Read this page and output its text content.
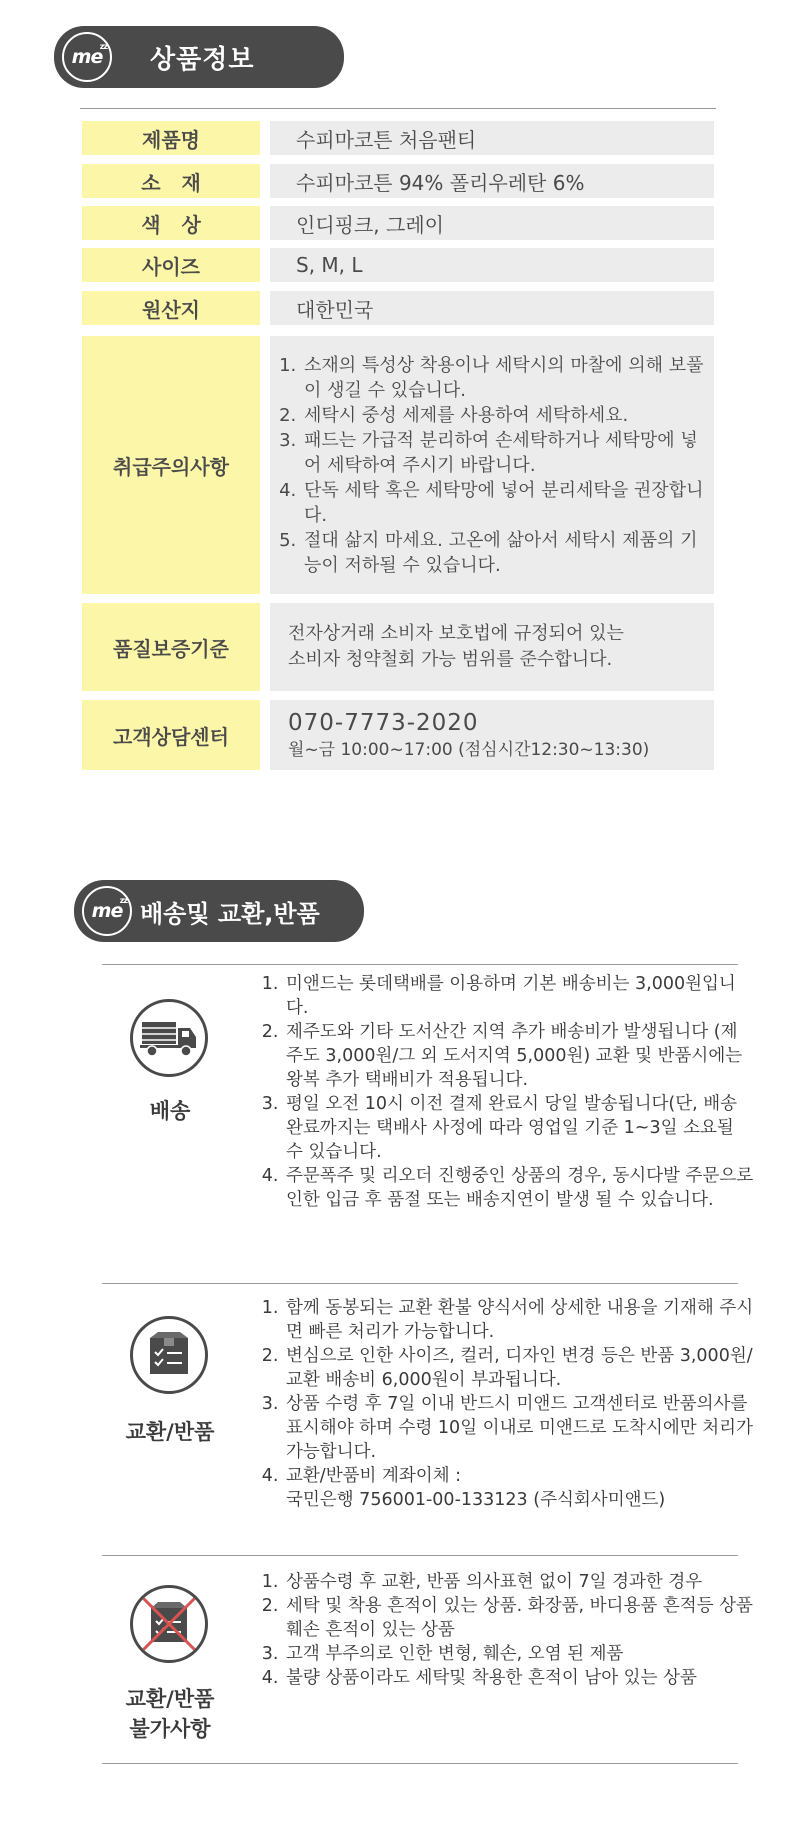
me
zz 상품정보
제품명	수피마코튼 처음팬티
소   재	수피마코튼 94% 폴리우레탄 6%
색   상	인디핑크, 그레이
사이즈	S, M, L
원산지	대한민국
취급주의사항
1. 소재의 특성상 착용이나 세탁시의 마찰에 의해 보풀이 생길 수 있습니다.
2. 세탁시 중성 세제를 사용하여 세탁하세요.
3. 패드는 가급적 분리하여 손세탁하거나 세탁망에 넣어 세탁하여 주시기 바랍니다.
4. 단독 세탁 혹은 세탁망에 넣어 분리세탁을 권장합니다.
5. 절대 삶지 마세요. 고온에 삶아서 세탁시 제품의 기능이 저하될 수 있습니다.
품질보증기준
전자상거래 소비자 보호법에 규정되어 있는
소비자 청약철회 가능 범위를 준수합니다.
고객상담센터
070-7773-2020
월~금 10:00~17:00 (점심시간12:30~13:30)
me
zz 배송및 교환,반품
배송
1. 미앤드는 롯데택배를 이용하며 기본 배송비는 3,000원입니다.
2. 제주도와 기타 도서산간 지역 추가 배송비가 발생됩니다 (제주도 3,000원/그 외 도서지역 5,000원) 교환 및 반품시에는 왕복 추가 택배비가 적용됩니다.
3. 평일 오전 10시 이전 결제 완료시 당일 발송됩니다(단, 배송 완료까지는 택배사 사정에 따라 영업일 기준 1~3일 소요될 수 있습니다.
4. 주문폭주 및 리오더 진행중인 상품의 경우, 동시다발 주문으로 인한 입금 후 품절 또는 배송지연이 발생 될 수 있습니다.
교환/반품
1. 함께 동봉되는 교환 환불 양식서에 상세한 내용을 기재해 주시면 빠른 처리가 가능합니다.
2. 변심으로 인한 사이즈, 컬러, 디자인 변경 등은 반품 3,000원/ 교환 배송비 6,000원이 부과됩니다.
3. 상품 수령 후 7일 이내 반드시 미앤드 고객센터로 반품의사를 표시해야 하며 수령 10일 이내로 미앤드로 도착시에만 처리가 가능합니다.
4. 교환/반품비 계좌이체 :
국민은행 756001-00-133123 (주식회사미앤드)
교환/반품
불가사항
1. 상품수령 후 교환, 반품 의사표현 없이 7일 경과한 경우
2. 세탁 및 착용 흔적이 있는 상품. 화장품, 바디용품 흔적등 상품 훼손 흔적이 있는 상품
3. 고객 부주의로 인한 변형, 훼손, 오염 된 제품
4. 불량 상품이라도 세탁및 착용한 흔적이 남아 있는 상품
